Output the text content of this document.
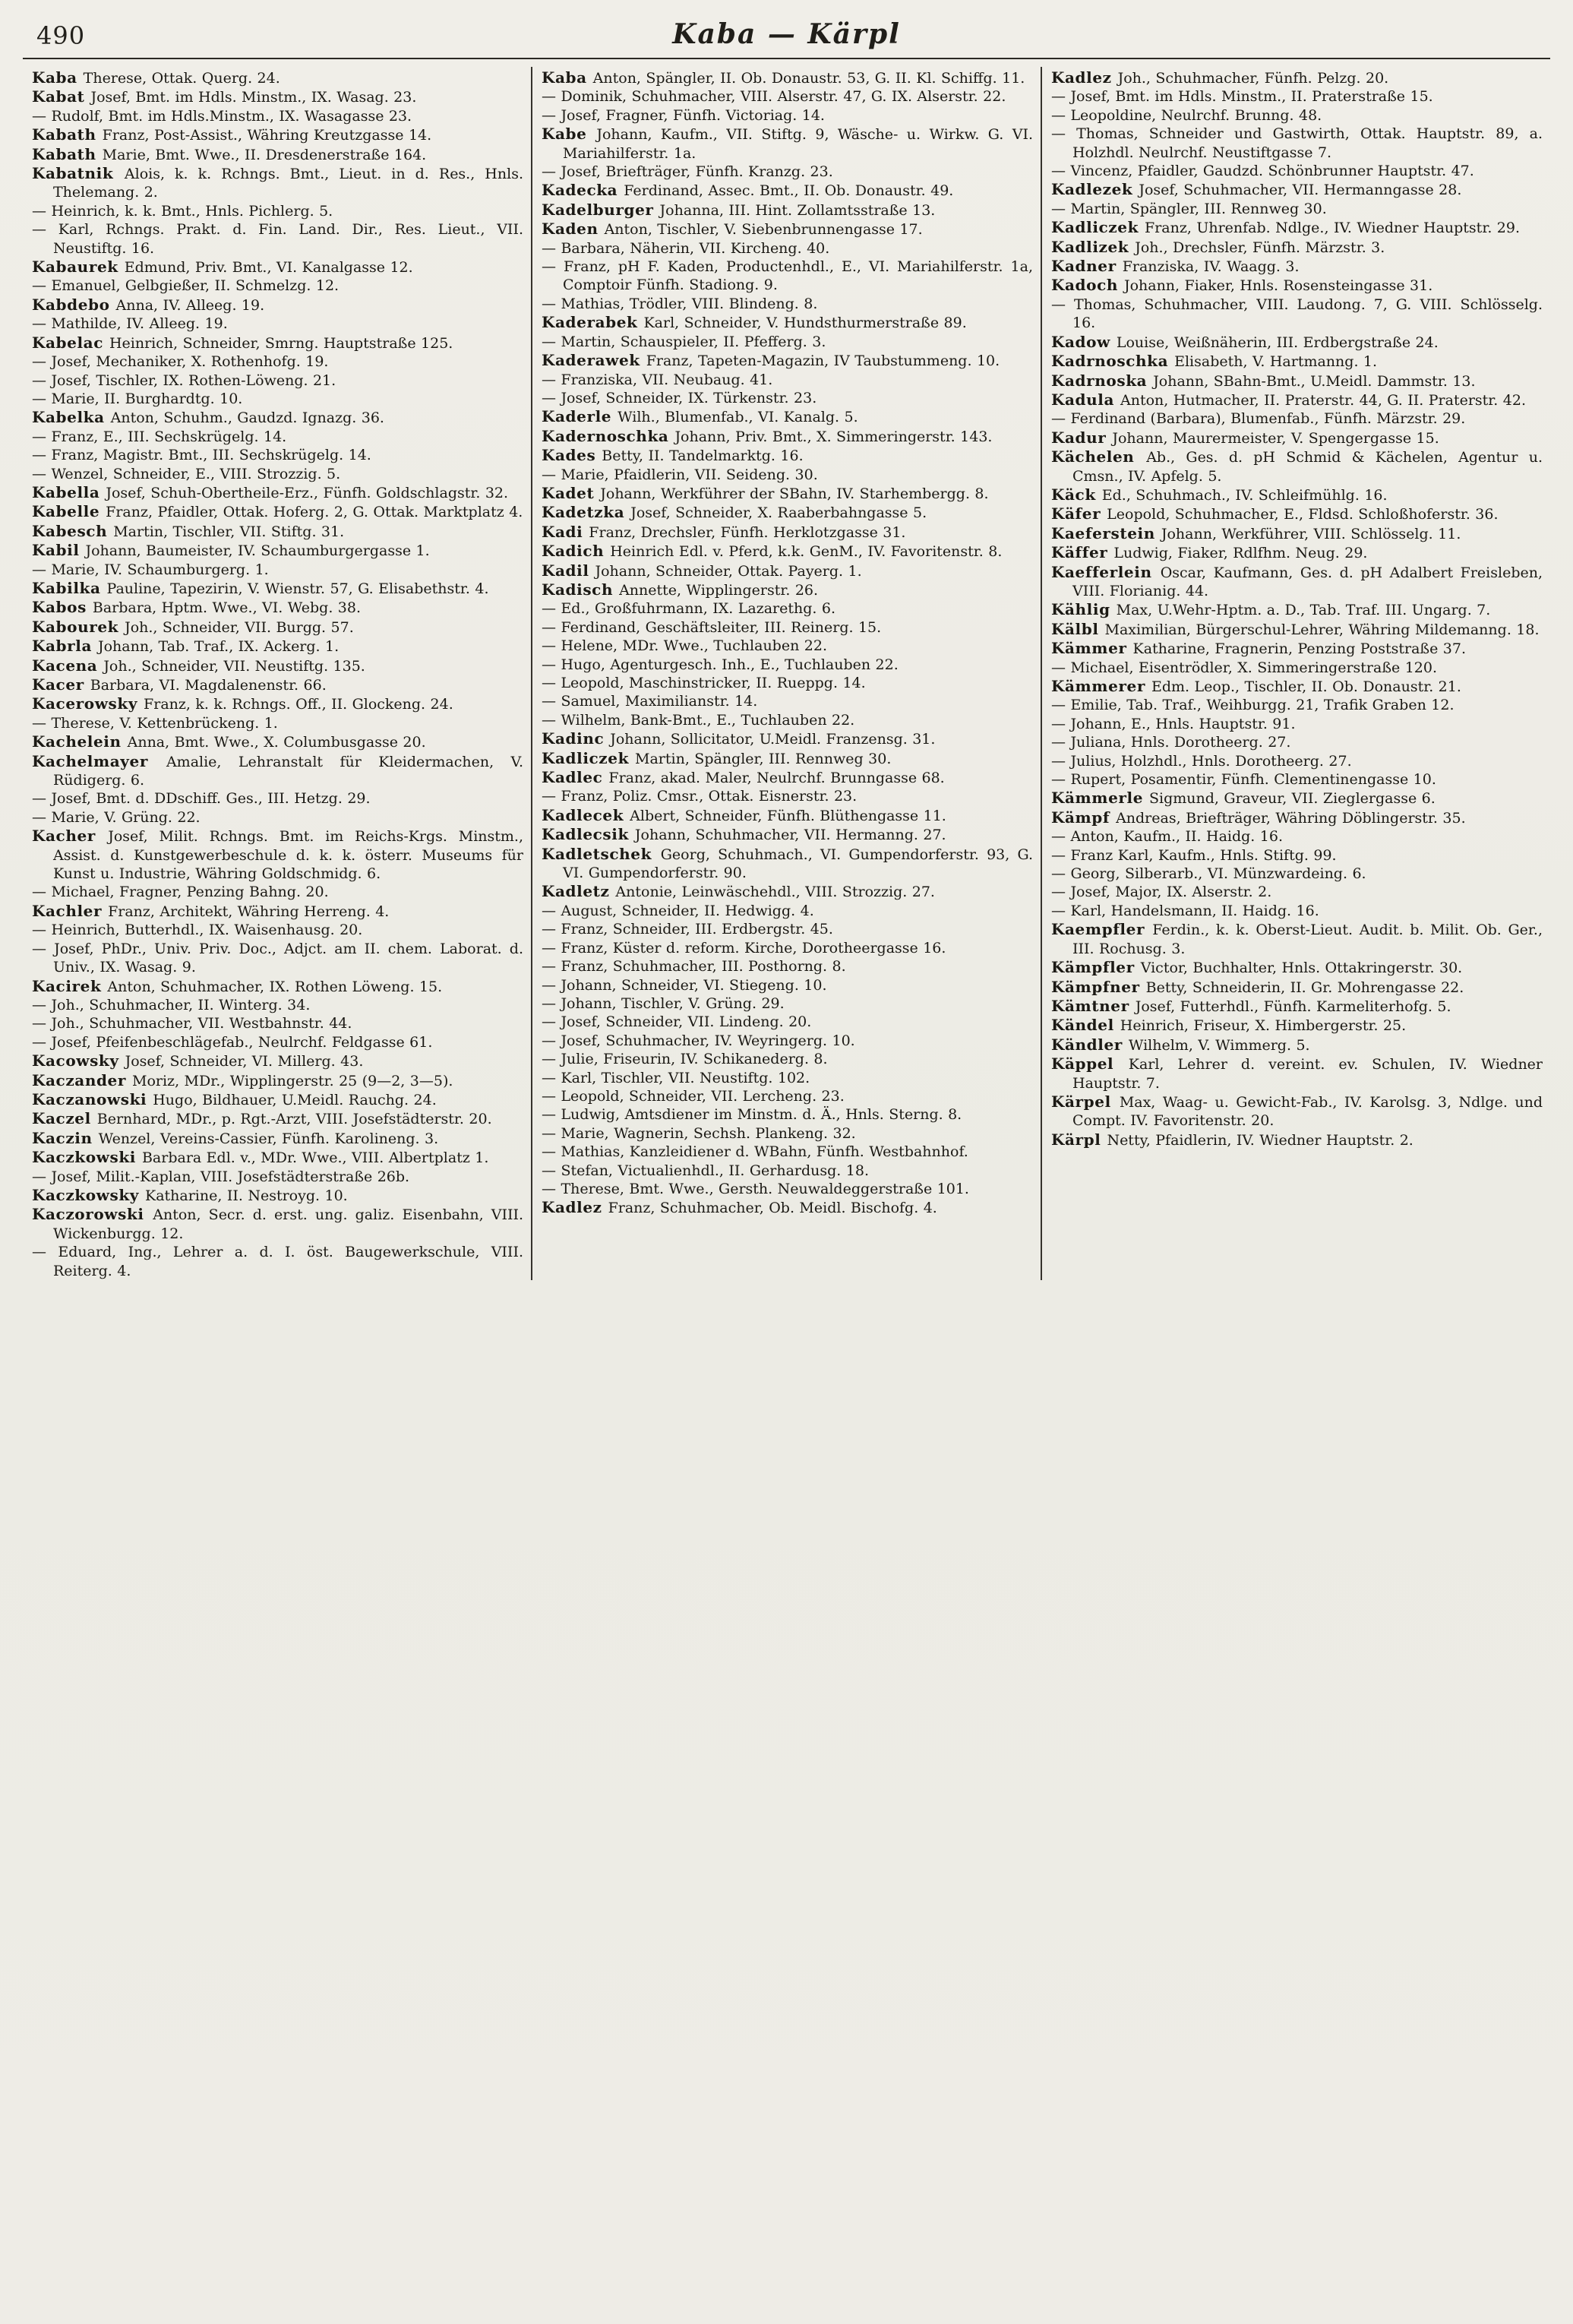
490	Kaba — Kärpl
Kaba Therese, Ottak. Querg. 24.
Kabat Josef, Bmt. im Hdls. Minstm., IX. Wasag. 23.
— Rudolf, Bmt. im Hdls.Minstm., IX. Wasagasse 23.
Kabath Franz, Post-Assist., Währing Kreutzgasse 14.
Kabath Marie, Bmt. Wwe., II. Dresdenerstraße 164.
Kabatnik Alois, k. k. Rchngs. Bmt., Lieut. in d. Res., Hnls. Thelemang. 2.
— Heinrich, k. k. Bmt., Hnls. Pichlerg. 5.
— Karl, Rchngs. Prakt. d. Fin. Land. Dir., Res. Lieut., VII. Neustiftg. 16.
Kabaurek Edmund, Priv. Bmt., VI. Kanalgasse 12.
— Emanuel, Gelbgießer, II. Schmelzg. 12.
Kabdebo Anna, IV. Alleeg. 19.
— Mathilde, IV. Alleeg. 19.
Kabelac Heinrich, Schneider, Smrng. Hauptstraße 125.
— Josef, Mechaniker, X. Rothenhofg. 19.
— Josef, Tischler, IX. Rothen-Löweng. 21.
— Marie, II. Burghardtg. 10.
Kabelka Anton, Schuhm., Gaudzd. Ignazg. 36.
— Franz, E., III. Sechskrügelg. 14.
— Franz, Magistr. Bmt., III. Sechskrügelg. 14.
— Wenzel, Schneider, E., VIII. Strozzig. 5.
Kabella Josef, Schuh-Obertheile-Erz., Fünfh. Goldschlagstr. 32.
Kabelle Franz, Pfaidler, Ottak. Hoferg. 2, G. Ottak. Marktplatz 4.
Kabesch Martin, Tischler, VII. Stiftg. 31.
Kabil Johann, Baumeister, IV. Schaumburgergasse 1.
— Marie, IV. Schaumburgerg. 1.
Kabilka Pauline, Tapezirin, V. Wienstr. 57, G. Elisabethstr. 4.
Kabos Barbara, Hptm. Wwe., VI. Webg. 38.
Kabourek Joh., Schneider, VII. Burgg. 57.
Kabrla Johann, Tab. Traf., IX. Ackerg. 1.
Kacena Joh., Schneider, VII. Neustiftg. 135.
Kacer Barbara, VI. Magdalenenstr. 66.
Kacerowsky Franz, k. k. Rchngs. Off., II. Glockeng. 24.
— Therese, V. Kettenbrückeng. 1.
Kachelein Anna, Bmt. Wwe., X. Columbusgasse 20.
Kachelmayer Amalie, Lehranstalt für Kleidermachen, V. Rüdigerg. 6.
— Josef, Bmt. d. DDschiff. Ges., III. Hetzg. 29.
— Marie, V. Grüng. 22.
Kacher Josef, Milit. Rchngs. Bmt. im Reichs-Krgs. Minstm., Assist. d. Kunstgewerbeschule d. k. k. österr. Museums für Kunst u. Industrie, Währing Goldschmidg. 6.
— Michael, Fragner, Penzing Bahng. 20.
Kachler Franz, Architekt, Währing Herreng. 4.
— Heinrich, Butterhdl., IX. Waisenhausg. 20.
— Josef, PhDr., Univ. Priv. Doc., Adjct. am II. chem. Laborat. d. Univ., IX. Wasag. 9.
Kacirek Anton, Schuhmacher, IX. Rothen Löweng. 15.
— Joh., Schuhmacher, II. Winterg. 34.
— Joh., Schuhmacher, VII. Westbahnstr. 44.
— Josef, Pfeifenbeschlägefab., Neulrchf. Feldgasse 61.
Kacowsky Josef, Schneider, VI. Millerg. 43.
Kaczander Moriz, MDr., Wipplingerstr. 25 (9—2, 3—5).
Kaczanowski Hugo, Bildhauer, U.Meidl. Rauchg. 24.
Kaczel Bernhard, MDr., p. Rgt.-Arzt, VIII. Josefstädterstr. 20.
Kaczin Wenzel, Vereins-Cassier, Fünfh. Karolineng. 3.
Kaczkowski Barbara Edl. v., MDr. Wwe., VIII. Albertplatz 1.
— Josef, Milit.-Kaplan, VIII. Josefstädterstraße 26b.
Kaczkowsky Katharine, II. Nestroyg. 10.
Kaczorowski Anton, Secr. d. erst. ung. galiz. Eisenbahn, VIII. Wickenburgg. 12.
— Eduard, Ing., Lehrer a. d. I. öst. Baugewerkschule, VIII. Reiterg. 4.
Kaba Anton, Spängler, II. Ob. Donaustr. 53, G. II. Kl. Schiffg. 11.
— Dominik, Schuhmacher, VIII. Alserstr. 47, G. IX. Alserstr. 22.
— Josef, Fragner, Fünfh. Victoriag. 14.
Kabe Johann, Kaufm., VII. Stiftg. 9, Wäsche- u. Wirkw. G. VI. Mariahilferstr. 1a.
— Josef, Briefträger, Fünfh. Kranzg. 23.
Kadecka Ferdinand, Assec. Bmt., II. Ob. Donaustr. 49.
Kadelburger Johanna, III. Hint. Zollamtsstraße 13.
Kaden Anton, Tischler, V. Siebenbrunnengasse 17.
— Barbara, Näherin, VII. Kircheng. 40.
— Franz, pH F. Kaden, Productenhdl., E., VI. Mariahilferstr. 1a, Comptoir Fünfh. Stadiong. 9.
— Mathias, Trödler, VIII. Blindeng. 8.
Kaderabek Karl, Schneider, V. Hundsthurmerstraße 89.
— Martin, Schauspieler, II. Pfefferg. 3.
Kaderawek Franz, Tapeten-Magazin, IV Taubstummeng. 10.
— Franziska, VII. Neubaug. 41.
— Josef, Schneider, IX. Türkenstr. 23.
Kaderle Wilh., Blumenfab., VI. Kanalg. 5.
Kadernoschka Johann, Priv. Bmt., X. Simmeringerstr. 143.
Kades Betty, II. Tandelmarktg. 16.
— Marie, Pfaidlerin, VII. Seideng. 30.
Kadet Johann, Werkführer der SBahn, IV. Starhembergg. 8.
Kadetzka Josef, Schneider, X. Raaberbahngasse 5.
Kadi Franz, Drechsler, Fünfh. Herklotzgasse 31.
Kadich Heinrich Edl. v. Pferd, k.k. GenM., IV. Favoritenstr. 8.
Kadil Johann, Schneider, Ottak. Payerg. 1.
Kadisch Annette, Wipplingerstr. 26.
— Ed., Großfuhrmann, IX. Lazarethg. 6.
— Ferdinand, Geschäftsleiter, III. Reinerg. 15.
— Helene, MDr. Wwe., Tuchlauben 22.
— Hugo, Agenturgesch. Inh., E., Tuchlauben 22.
— Leopold, Maschinstricker, II. Rueppg. 14.
— Samuel, Maximilianstr. 14.
— Wilhelm, Bank-Bmt., E., Tuchlauben 22.
Kadinc Johann, Sollicitator, U.Meidl. Franzensg. 31.
Kadliczek Martin, Spängler, III. Rennweg 30.
Kadlec Franz, akad. Maler, Neulrchf. Brunngasse 68.
— Franz, Poliz. Cmsr., Ottak. Eisnerstr. 23.
Kadlecek Albert, Schneider, Fünfh. Blüthengasse 11.
Kadlecsik Johann, Schuhmacher, VII. Hermanng. 27.
Kadletschek Georg, Schuhmach., VI. Gumpendorferstr. 93, G. VI. Gumpendorferstr. 90.
Kadletz Antonie, Leinwäschehdl., VIII. Strozzig. 27.
— August, Schneider, II. Hedwigg. 4.
— Franz, Schneider, III. Erdbergstr. 45.
— Franz, Küster d. reform. Kirche, Dorotheergasse 16.
— Franz, Schuhmacher, III. Posthorng. 8.
— Johann, Schneider, VI. Stiegeng. 10.
— Johann, Tischler, V. Grüng. 29.
— Josef, Schneider, VII. Lindeng. 20.
— Josef, Schuhmacher, IV. Weyringerg. 10.
— Julie, Friseurin, IV. Schikanederg. 8.
— Karl, Tischler, VII. Neustiftg. 102.
— Leopold, Schneider, VII. Lercheng. 23.
— Ludwig, Amtsdiener im Minstm. d. Ä., Hnls. Sterng. 8.
— Marie, Wagnerin, Sechsh. Plankeng. 32.
— Mathias, Kanzleidiener d. WBahn, Fünfh. Westbahnhof.
— Stefan, Victualienhdl., II. Gerhardusg. 18.
— Therese, Bmt. Wwe., Gersth. Neuwaldeggerstraße 101.
Kadlez Franz, Schuhmacher, Ob. Meidl. Bischofg. 4.
Kadlez Joh., Schuhmacher, Fünfh. Pelzg. 20.
— Josef, Bmt. im Hdls. Minstm., II. Praterstraße 15.
— Leopoldine, Neulrchf. Brunng. 48.
— Thomas, Schneider und Gastwirth, Ottak. Hauptstr. 89, a. Holzhdl. Neulrchf. Neustiftgasse 7.
— Vincenz, Pfaidler, Gaudzd. Schönbrunner Hauptstr. 47.
Kadlezek Josef, Schuhmacher, VII. Hermanngasse 28.
— Martin, Spängler, III. Rennweg 30.
Kadliczek Franz, Uhrenfab. Ndlge., IV. Wiedner Hauptstr. 29.
Kadlizek Joh., Drechsler, Fünfh. Märzstr. 3.
Kadner Franziska, IV. Waagg. 3.
Kadoch Johann, Fiaker, Hnls. Rosensteingasse 31.
— Thomas, Schuhmacher, VIII. Laudong. 7, G. VIII. Schlösselg. 16.
Kadow Louise, Weißnäherin, III. Erdbergstraße 24.
Kadrnoschka Elisabeth, V. Hartmanng. 1.
Kadrnoska Johann, SBahn-Bmt., U.Meidl. Dammstr. 13.
Kadula Anton, Hutmacher, II. Praterstr. 44, G. II. Praterstr. 42.
— Ferdinand (Barbara), Blumenfab., Fünfh. Märzstr. 29.
Kadur Johann, Maurermeister, V. Spengergasse 15.
Kächelen Ab., Ges. d. pH Schmid & Kächelen, Agentur u. Cmsn., IV. Apfelg. 5.
Käck Ed., Schuhmach., IV. Schleifmühlg. 16.
Käfer Leopold, Schuhmacher, E., Fldsd. Schloßhoferstr. 36.
Kaeferstein Johann, Werkführer, VIII. Schlösselg. 11.
Käffer Ludwig, Fiaker, Rdlfhm. Neug. 29.
Kaefferlein Oscar, Kaufmann, Ges. d. pH Adalbert Freisleben, VIII. Florianig. 44.
Kählig Max, U.Wehr-Hptm. a. D., Tab. Traf. III. Ungarg. 7.
Kälbl Maximilian, Bürgerschul-Lehrer, Währing Mildemanng. 18.
Kämmer Katharine, Fragnerin, Penzing Poststraße 37.
— Michael, Eisentrödler, X. Simmeringerstraße 120.
Kämmerer Edm. Leop., Tischler, II. Ob. Donaustr. 21.
— Emilie, Tab. Traf., Weihburgg. 21, Trafik Graben 12.
— Johann, E., Hnls. Hauptstr. 91.
— Juliana, Hnls. Dorotheerg. 27.
— Julius, Holzhdl., Hnls. Dorotheerg. 27.
— Rupert, Posamentir, Fünfh. Clementinengasse 10.
Kämmerle Sigmund, Graveur, VII. Zieglergasse 6.
Kämpf Andreas, Briefträger, Währing Döblingerstr. 35.
— Anton, Kaufm., II. Haidg. 16.
— Franz Karl, Kaufm., Hnls. Stiftg. 99.
— Georg, Silberarb., VI. Münzwardeing. 6.
— Josef, Major, IX. Alserstr. 2.
— Karl, Handelsmann, II. Haidg. 16.
Kaempfler Ferdin., k. k. Oberst-Lieut. Audit. b. Milit. Ob. Ger., III. Rochusg. 3.
Kämpfler Victor, Buchhalter, Hnls. Ottakringerstr. 30.
Kämpfner Betty, Schneiderin, II. Gr. Mohrengasse 22.
Kämtner Josef, Futterhdl., Fünfh. Karmeliterhofg. 5.
Kändel Heinrich, Friseur, X. Himbergerstr. 25.
Kändler Wilhelm, V. Wimmerg. 5.
Käppel Karl, Lehrer d. vereint. ev. Schulen, IV. Wiedner Hauptstr. 7.
Kärpel Max, Waag- u. Gewicht-Fab., IV. Karolsg. 3, Ndlge. und Compt. IV. Favoritenstr. 20.
Kärpl Netty, Pfaidlerin, IV. Wiedner Hauptstr. 2.
